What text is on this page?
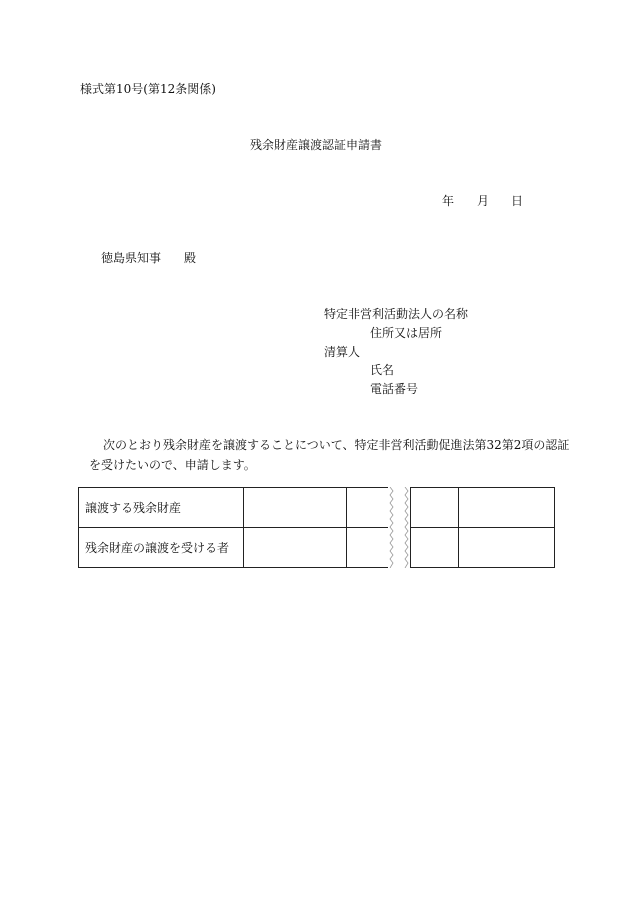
様式第10号(第12条関係)
残余財産譲渡認証申請書
年 月 日
徳島県知事 殿
特定非営利活動法人の名称
住所又は居所
清算人
氏名
電話番号
次のとおり残余財産を譲渡することについて、特定非営利活動促進法第32第2項の認証
を受けたいので、申請します。
譲渡する残余財産					
残余財産の譲渡を受ける者					
